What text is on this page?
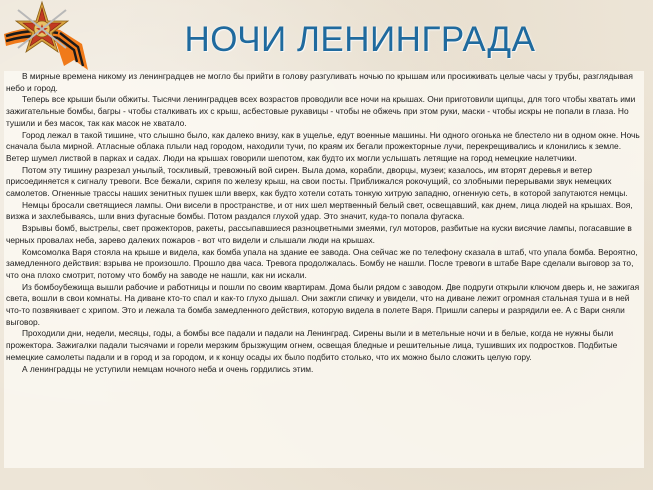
НОЧИ ЛЕНИНГРАДА

В мирные времена никому из ленинградцев не могло бы прийти в голову разгуливать ночью по крышам или просиживать целые часы у трубы, разглядывая небо и город.

Теперь все крыши были обжиты. Тысячи ленинградцев всех возрастов проводили все ночи на крышах. Они приготовили щипцы, для того чтобы хватать ими зажигательные бомбы, багры - чтобы сталкивать их с крыш, асбестовые рукавицы - чтобы не обжечь при этом руки, маски - чтобы искры не попали в глаза. Но тушили и без масок, так как масок не хватало.

Город лежал в такой тишине, что слышно было, как далеко внизу, как в ущелье, едут военные машины. Ни одного огонька не блестело ни в одном окне. Ночь сначала была мирной. Атласные облака плыли над городом, находили тучи, по краям их бегали прожекторные лучи, перекрещивались и клонились к земле. Ветер шумел листвой в парках и садах. Люди на крышах говорили шепотом, как будто их могли услышать летящие на город немецкие налетчики.

Потом эту тишину разрезал унылый, тоскливый, тревожный вой сирен. Выла дома, корабли, дворцы, музеи; казалось, им вторят деревья и ветер присоединяется к сигналу тревоги. Все бежали, скрипя по железу крыш, на свои посты. Приближался рокочущий, со злобными перерывами звук немецких самолетов. Огненные трассы наших зенитных пушек шли вверх, как будто хотели сотать тонкую хитрую западню, огненную сеть, в которой запутаются немцы.

Немцы бросали светящиеся лампы. Они висели в пространстве, и от них шел мертвенный белый свет, освещавший, как днем, лица людей на крышах. Воя, визжа и захлебываясь, шли вниз фугасные бомбы. Потом раздался глухой удар. Это значит, куда-то попала фугаска.

Взрывы бомб, выстрелы, свет прожекторов, ракеты, рассыпавшиеся разноцветными змеями, гул моторов, разбитые на куски висячие лампы, погасавшие в черных провалах неба, зарево далеких пожаров - вот что видели и слышали люди на крышах.

Комсомолка Варя стояла на крыше и видела, как бомба упала на здание ее завода. Она сейчас же по телефону сказала в штаб, что упала бомба. Вероятно, замедленного действия: взрыва не произошло. Прошло два часа. Тревога продолжалась. Бомбу не нашли. После тревоги в штабе Варе сделали выговор за то, что она плохо смотрит, потому что бомбу на заводе не нашли, как ни искали.

Из бомбоубежища вышли рабочие и работницы и пошли по своим квартирам. Дома были рядом с заводом. Две подруги открыли ключом дверь и, не зажигая света, вошли в свои комнаты. На диване кто-то спал и как-то глухо дышал. Они зажгли спичку и увидели, что на диване лежит огромная стальная туша и в ней что-то позвякивает с хрипом. Это и лежала та бомба замедленного действия, которую видела в полете Варя. Пришли саперы и разрядили ее. А с Вари сняли выговор.

Проходили дни, недели, месяцы, годы, а бомбы все падали и падали на Ленинград. Сирены выли и в метельные ночи и в белые, когда не нужны были прожектора. Зажигалки падали тысячами и горели мерзким брызжущим огнем, освещая бледные и решительные лица, тушивших их подростков. Подбитые немецкие самолеты падали и в город и за городом, и к концу осады их было подбито столько, что их можно было сложить целую гору.

А ленинградцы не уступили немцам ночного неба и очень гордились этим.
